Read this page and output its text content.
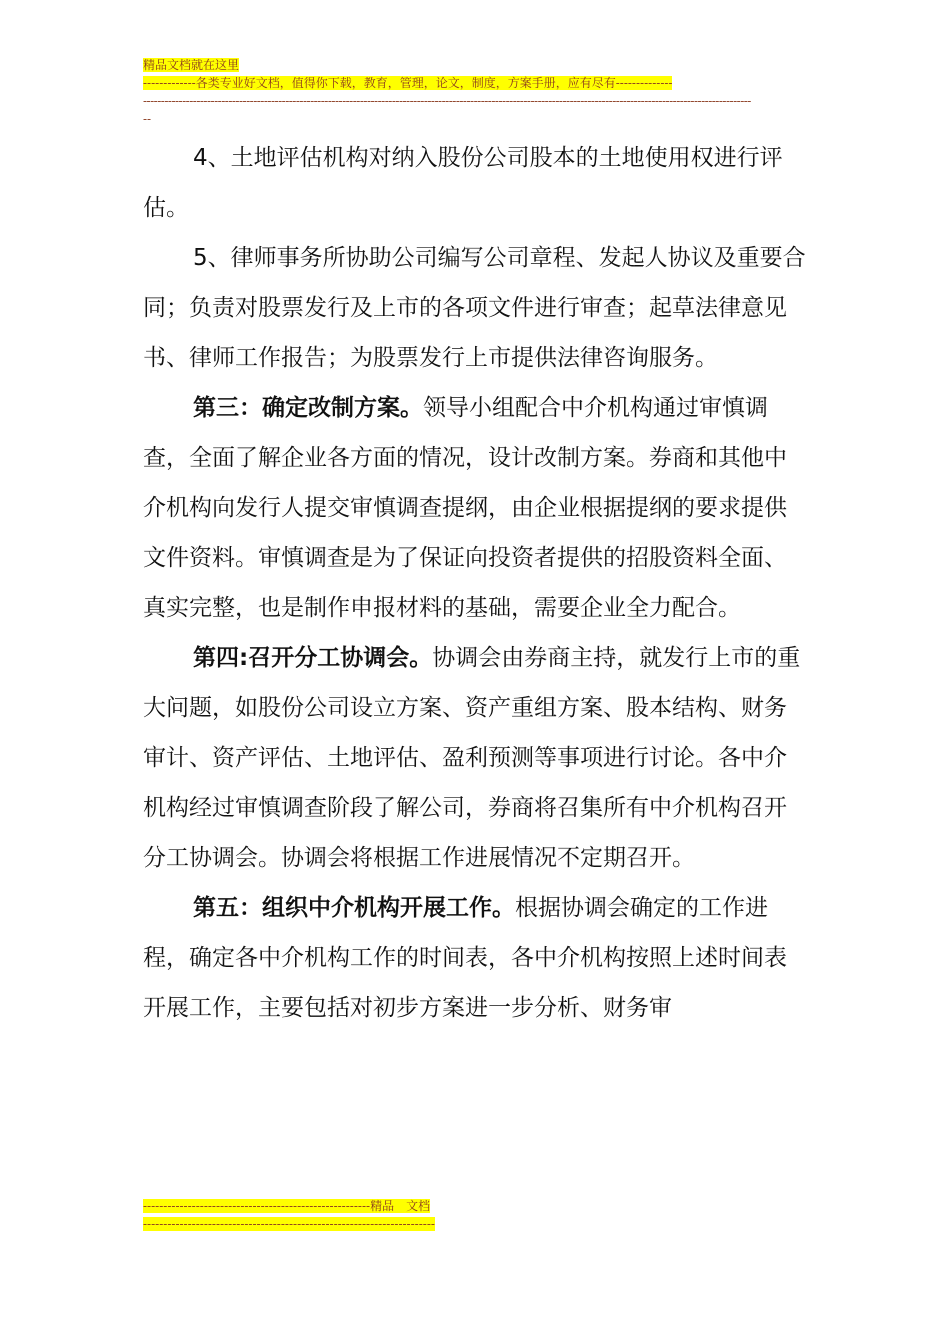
精品文档就在这里
-------------各类专业好文档，值得你下载，教育，管理，论文，制度，方案手册，应有尽有--------------
---------------------------------------------------------------------------------------------------------------------------------------------------------------------------
--

4、土地评估机构对纳入股份公司股本的土地使用权进行评估。

5、律师事务所协助公司编写公司章程、发起人协议及重要合同；负责对股票发行及上市的各项文件进行审查；起草法律意见书、律师工作报告；为股票发行上市提供法律咨询服务。

第三：确定改制方案。领导小组配合中介机构通过审慎调查，全面了解企业各方面的情况，设计改制方案。券商和其他中介机构向发行人提交审慎调查提纲，由企业根据提纲的要求提供文件资料。审慎调查是为了保证向投资者提供的招股资料全面、真实完整，也是制作申报材料的基础，需要企业全力配合。

第四:召开分工协调会。协调会由券商主持，就发行上市的重大问题，如股份公司设立方案、资产重组方案、股本结构、财务审计、资产评估、土地评估、盈利预测等事项进行讨论。各中介机构经过审慎调查阶段了解公司，券商将召集所有中介机构召开分工协调会。协调会将根据工作进展情况不定期召开。

第五：组织中介机构开展工作。根据协调会确定的工作进程，确定各中介机构工作的时间表，各中介机构按照上述时间表开展工作，主要包括对初步方案进一步分析、财务审

--------------------------------------------------------精品　文档
------------------------------------------------------------------------
